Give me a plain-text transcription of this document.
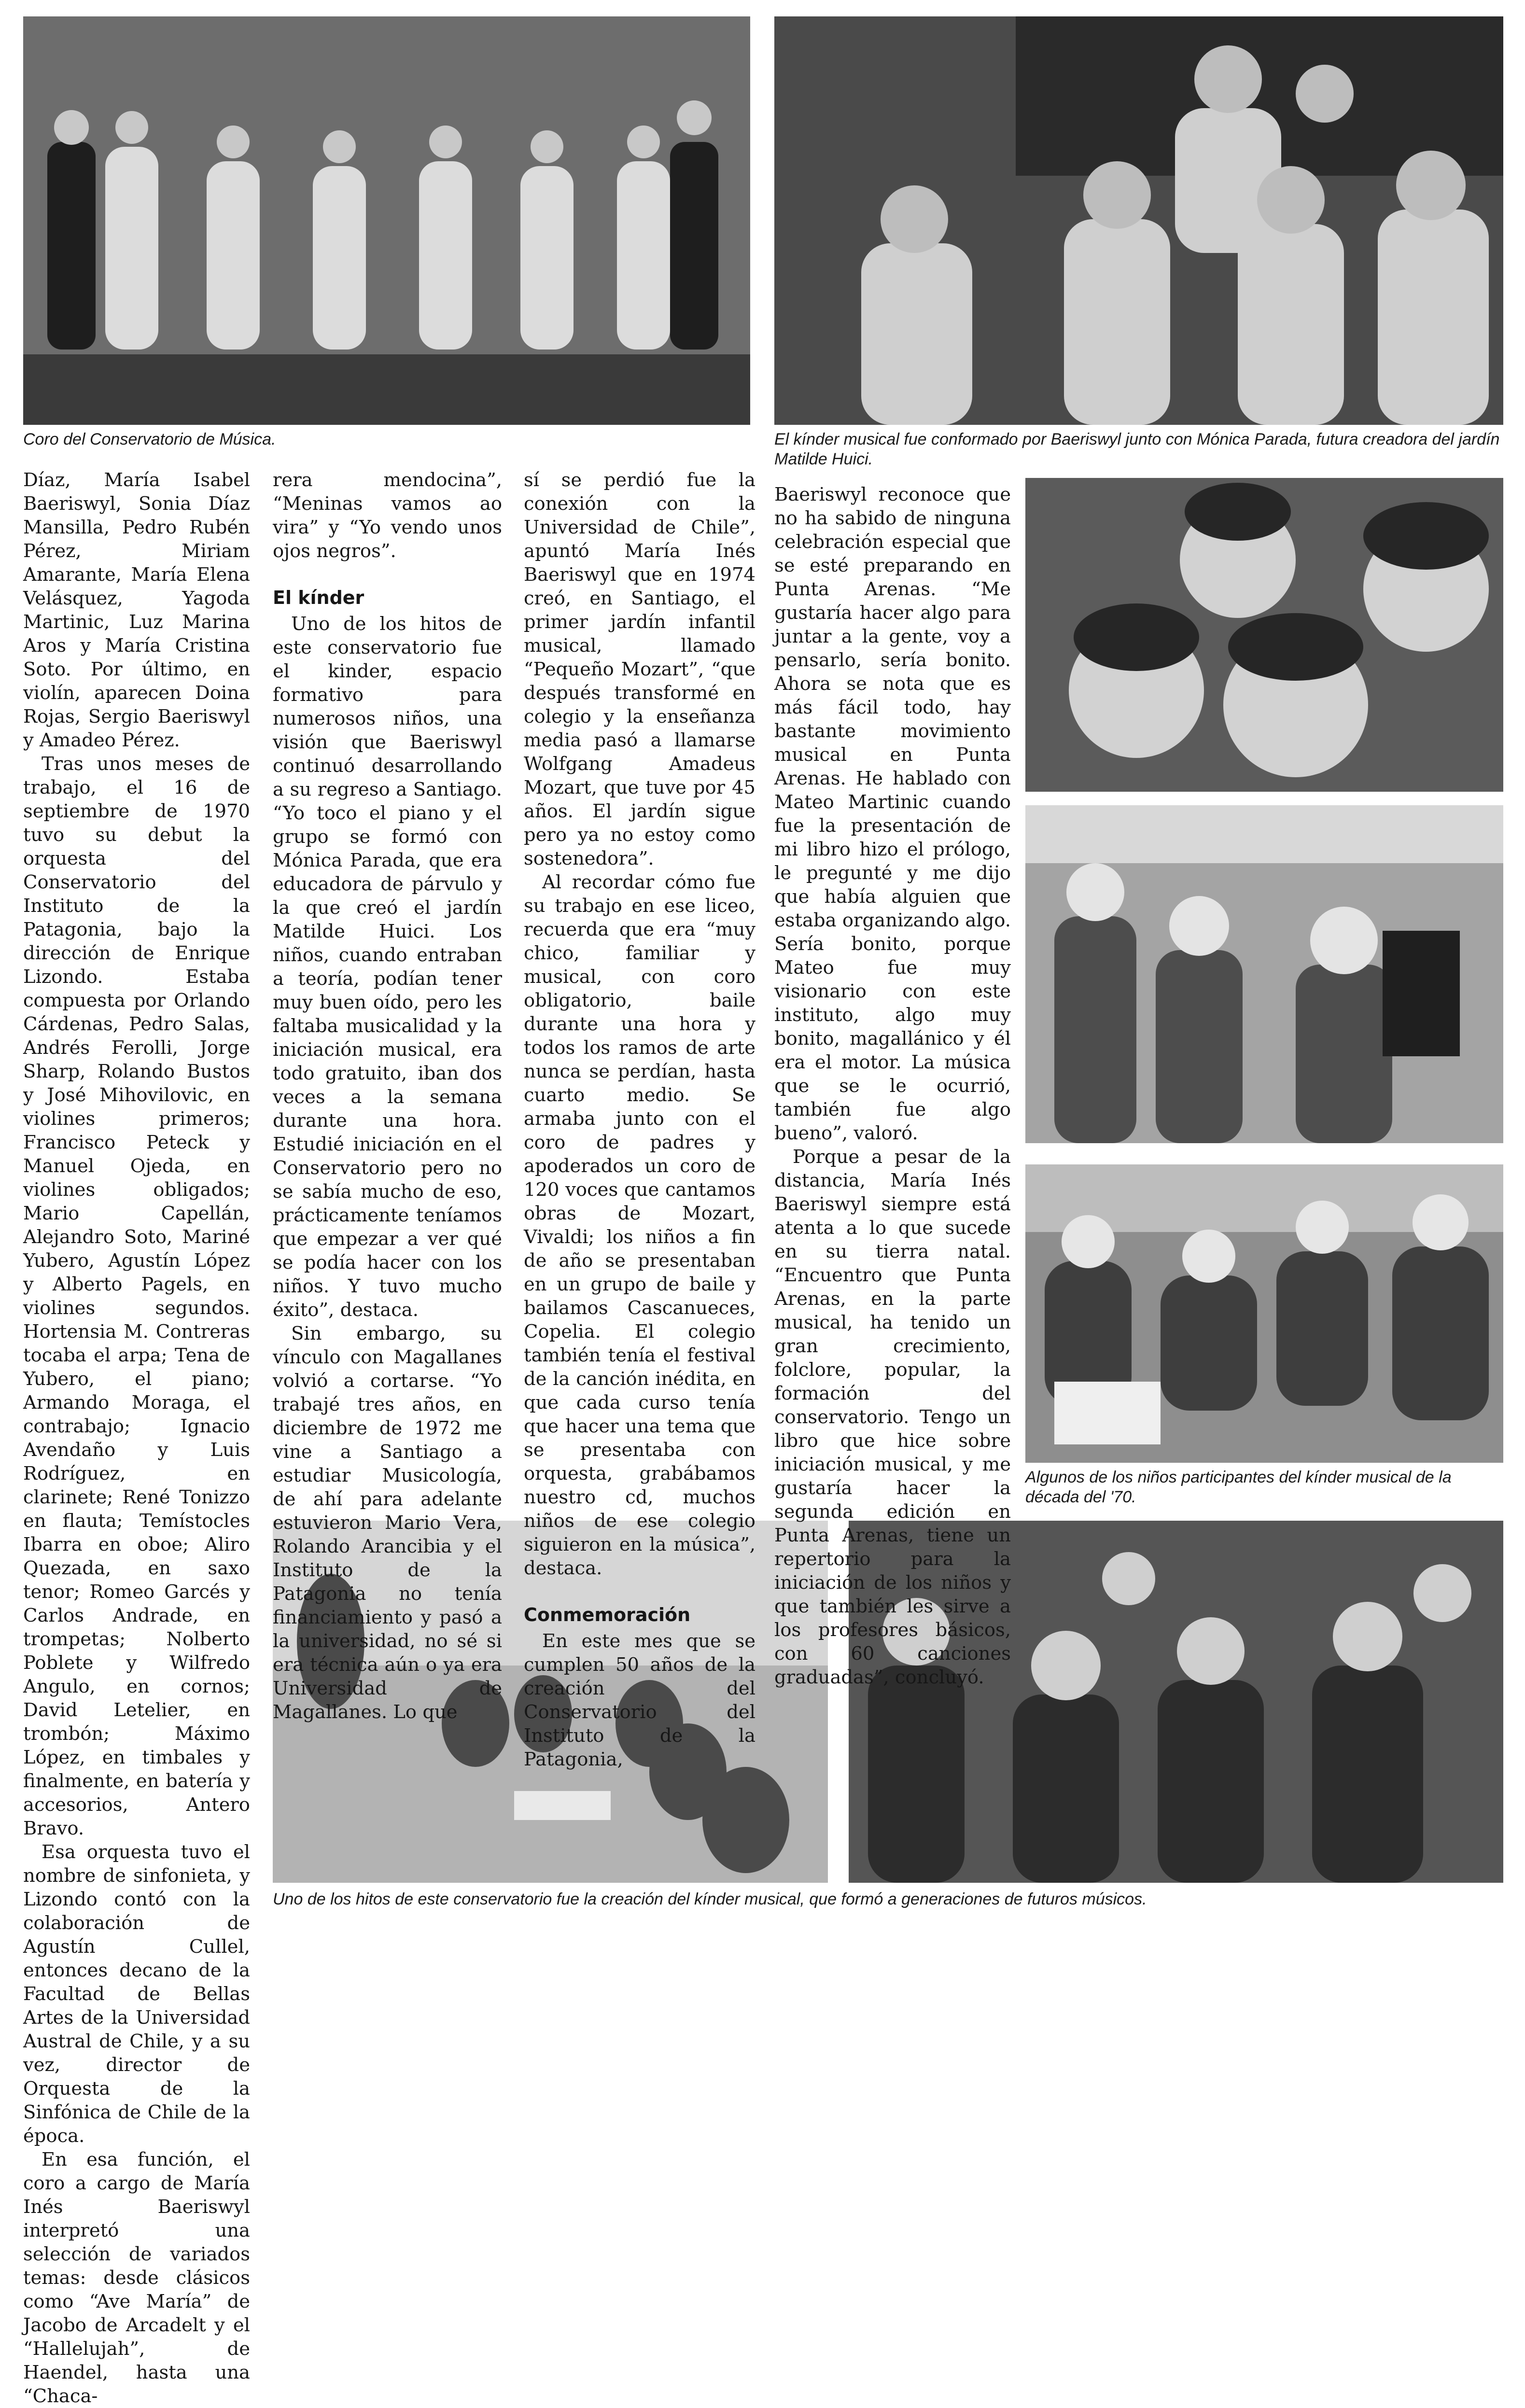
Coro del Conservatorio de Música.	El kínder musical fue conformado por Baeriswyl junto con Mónica Parada, futura creadora del jardín Matilde Huici.

Algunos de los niños participantes del kínder musical de la década del '70.

Uno de los hitos de este conservatorio fue la creación del kínder musical, que formó a generaciones de futuros músicos.

Díaz, María Isabel Baeriswyl, Sonia Díaz Mansilla, Pedro Rubén Pérez, Miriam Amarante, María Elena Velásquez, Yagoda Martinic, Luz Marina Aros y María Cristina Soto. Por último, en violín, aparecen Doina Rojas, Sergio Baeriswyl y Amadeo Pérez.

Tras unos meses de trabajo, el 16 de septiembre de 1970 tuvo su debut la orquesta del Conservatorio del Instituto de la Patagonia, bajo la dirección de Enrique Lizondo. Estaba compuesta por Orlando Cárdenas, Pedro Salas, Andrés Ferolli, Jorge Sharp, Rolando Bustos y José Mihovilovic, en violines primeros; Francisco Peteck y Manuel Ojeda, en violines obligados; Mario Capellán, Alejandro Soto, Mariné Yubero, Agustín López y Alberto Pagels, en violines segundos. Hortensia M. Contreras tocaba el arpa; Tena de Yubero, el piano; Armando Moraga, el contrabajo; Ignacio Avendaño y Luis Rodríguez, en clarinete; René Tonizzo en flauta; Temístocles Ibarra en oboe; Aliro Quezada, en saxo tenor; Romeo Garcés y Carlos Andrade, en trompetas; Nolberto Poblete y Wilfredo Angulo, en cornos; David Letelier, en trombón; Máximo López, en timbales y finalmente, en batería y accesorios, Antero Bravo.

Esa orquesta tuvo el nombre de sinfonieta, y Lizondo contó con la colaboración de Agustín Cullel, entonces decano de la Facultad de Bellas Artes de la Universidad Austral de Chile, y a su vez, director de Orquesta de la Sinfónica de Chile de la época.

En esa función, el coro a cargo de María Inés Baeriswyl interpretó una selección de variados temas: desde clásicos como “Ave María” de Jacobo de Arcadelt y el “Hallelujah”, de Haendel, hasta una “Chaca-

rera mendocina”, “Meninas vamos ao vira” y “Yo vendo unos ojos negros”.

El kínder

Uno de los hitos de este conservatorio fue el kinder, espacio formativo para numerosos niños, una visión que Baeriswyl continuó desarrollando a su regreso a Santiago. “Yo toco el piano y el grupo se formó con Mónica Parada, que era educadora de párvulo y la que creó el jardín Matilde Huici. Los niños, cuando entraban a teoría, podían tener muy buen oído, pero les faltaba musicalidad y la iniciación musical, era todo gratuito, iban dos veces a la semana durante una hora. Estudié iniciación en el Conservatorio pero no se sabía mucho de eso, prácticamente teníamos que empezar a ver qué se podía hacer con los niños. Y tuvo mucho éxito”, destaca.

Sin embargo, su vínculo con Magallanes volvió a cortarse. “Yo trabajé tres años, en diciembre de 1972 me vine a Santiago a estudiar Musicología, de ahí para adelante estuvieron Mario Vera, Rolando Arancibia y el Instituto de la Patagonia no tenía financiamiento y pasó a la universidad, no sé si era técnica aún o ya era Universidad de Magallanes. Lo que

sí se perdió fue la conexión con la Universidad de Chile”, apuntó María Inés Baeriswyl que en 1974 creó, en Santiago, el primer jardín infantil musical, llamado “Pequeño Mozart”, “que después transformé en colegio y la enseñanza media pasó a llamarse Wolfgang Amadeus Mozart, que tuve por 45 años. El jardín sigue pero ya no estoy como sostenedora”.

Al recordar cómo fue su trabajo en ese liceo, recuerda que era “muy chico, familiar y musical, con coro obligatorio, baile durante una hora y todos los ramos de arte nunca se perdían, hasta cuarto medio. Se armaba junto con el coro de padres y apoderados un coro de 120 voces que cantamos obras de Mozart, Vivaldi; los niños a fin de año se presentaban en un grupo de baile y bailamos Cascanueces, Copelia. El colegio también tenía el festival de la canción inédita, en que cada curso tenía que hacer una tema que se presentaba con orquesta, grabábamos nuestro cd, muchos niños de ese colegio siguieron en la música”, destaca.

Conmemoración

En este mes que se cumplen 50 años de la creación del Conservatorio del Instituto de la Patagonia,

Baeriswyl reconoce que no ha sabido de ninguna celebración especial que se esté preparando en Punta Arenas. “Me gustaría hacer algo para juntar a la gente, voy a pensarlo, sería bonito. Ahora se nota que es más fácil todo, hay bastante movimiento musical en Punta Arenas. He hablado con Mateo Martinic cuando fue la presentación de mi libro hizo el prólogo, le pregunté y me dijo que había alguien que estaba organizando algo. Sería bonito, porque Mateo fue muy visionario con este instituto, algo muy bonito, magallánico y él era el motor. La música que se le ocurrió, también fue algo bueno”, valoró.

Porque a pesar de la distancia, María Inés Baeriswyl siempre está atenta a lo que sucede en su tierra natal. “Encuentro que Punta Arenas, en la parte musical, ha tenido un gran crecimiento, folclore, popular, la formación del conservatorio. Tengo un libro que hice sobre iniciación musical, y me gustaría hacer la segunda edición en Punta Arenas, tiene un repertorio para la iniciación de los niños y que también les sirve a los profesores básicos, con 60 canciones graduadas”, concluyó.
